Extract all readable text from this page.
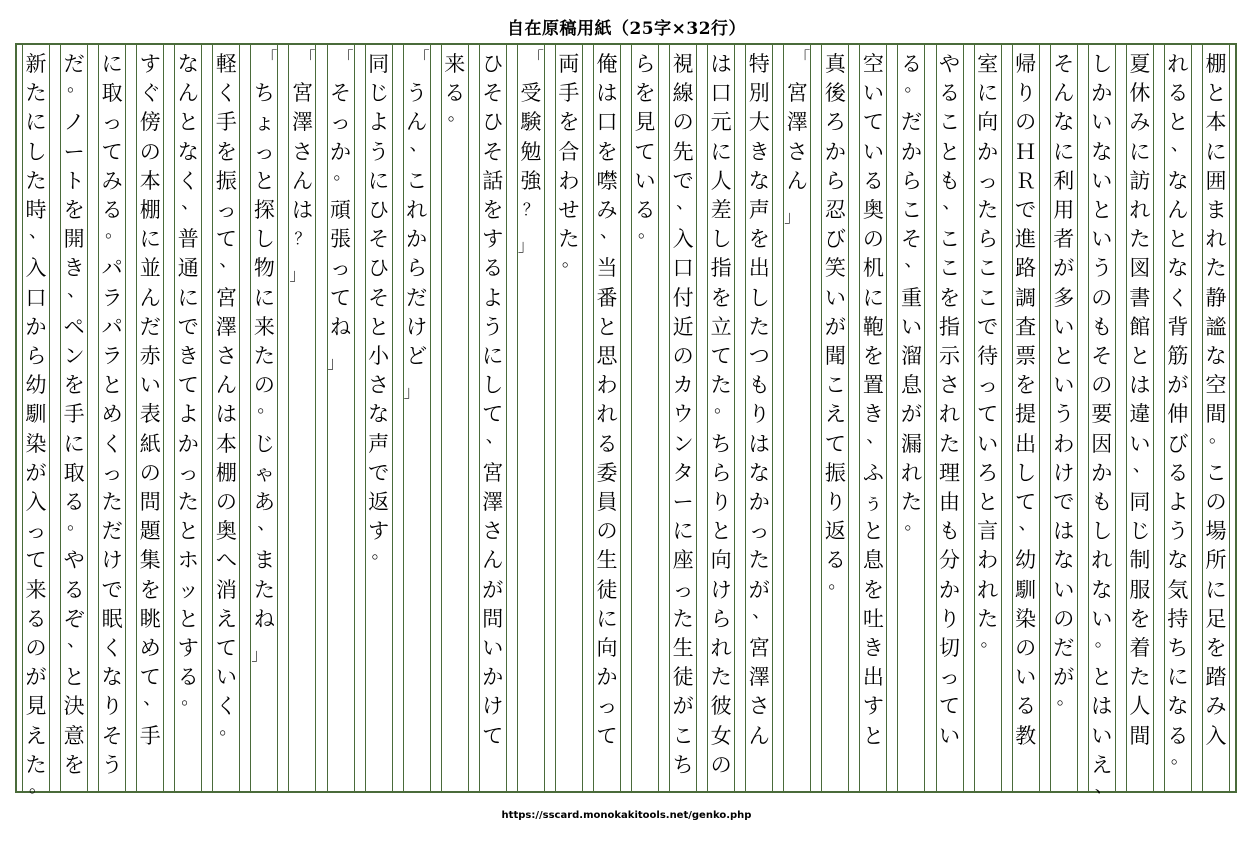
自在原稿用紙（25字×32行）
棚
と
本
に
囲
ま
れ
た
静
謐
な
空
間
。
こ
の
場
所
に
足
を
踏
み
入
れ
る
と
、
な
ん
と
な
く
背
筋
が
伸
び
る
よ
う
な
気
持
ち
に
な
る
。
夏
休
み
に
訪
れ
た
図
書
館
と
は
違
い
、
同
じ
制
服
を
着
た
人
間
し
か
い
な
い
と
い
う
の
も
そ
の
要
因
か
も
し
れ
な
い
。
と
は
い
え
、
そ
ん
な
に
利
用
者
が
多
い
と
い
う
わ
け
で
は
な
い
の
だ
が
。
帰
り
の
Ｈ
Ｒ
で
進
路
調
査
票
を
提
出
し
て
、
幼
馴
染
の
い
る
教
室
に
向
か
っ
た
ら
こ
こ
で
待
っ
て
い
ろ
と
言
わ
れ
た
。
や
る
こ
と
も
、
こ
こ
を
指
示
さ
れ
た
理
由
も
分
か
り
切
っ
て
い
る
。
だ
か
ら
こ
そ
、
重
い
溜
息
が
漏
れ
た
。
空
い
て
い
る
奥
の
机
に
鞄
を
置
き
、
ふ
ぅ
と
息
を
吐
き
出
す
と
真
後
ろ
か
ら
忍
び
笑
い
が
聞
こ
え
て
振
り
返
る
。
「
宮
澤
さ
ん
」
特
別
大
き
な
声
を
出
し
た
つ
も
り
は
な
か
っ
た
が
、
宮
澤
さ
ん
は
口
元
に
人
差
し
指
を
立
て
た
。
ち
ら
り
と
向
け
ら
れ
た
彼
女
の
視
線
の
先
で
、
入
口
付
近
の
カ
ウ
ン
タ
ー
に
座
っ
た
生
徒
が
こ
ち
ら
を
見
て
い
る
。
俺
は
口
を
噤
み
、
当
番
と
思
わ
れ
る
委
員
の
生
徒
に
向
か
っ
て
両
手
を
合
わ
せ
た
。
「
受
験
勉
強
？
」
ひ
そ
ひ
そ
話
を
す
る
よ
う
に
し
て
、
宮
澤
さ
ん
が
問
い
か
け
て
来
る
。
「
う
ん
、
こ
れ
か
ら
だ
け
ど
」
同
じ
よ
う
に
ひ
そ
ひ
そ
と
小
さ
な
声
で
返
す
。
「
そ
っ
か
。
頑
張
っ
て
ね
」
「
宮
澤
さ
ん
は
？
」
「
ち
ょ
っ
と
探
し
物
に
来
た
の
。
じ
ゃ
あ
、
ま
た
ね
」
軽
く
手
を
振
っ
て
、
宮
澤
さ
ん
は
本
棚
の
奥
へ
消
え
て
い
く
。
な
ん
と
な
く
、
普
通
に
で
き
て
よ
か
っ
た
と
ホ
ッ
と
す
る
。
す
ぐ
傍
の
本
棚
に
並
ん
だ
赤
い
表
紙
の
問
題
集
を
眺
め
て
、
手
に
取
っ
て
み
る
。
パ
ラ
パ
ラ
と
め
く
っ
た
だ
け
で
眠
く
な
り
そ
う
だ
。
ノ
ー
ト
を
開
き
、
ペ
ン
を
手
に
取
る
。
や
る
ぞ
、
と
決
意
を
新
た
に
し
た
時
、
入
口
か
ら
幼
馴
染
が
入
っ
て
来
る
の
が
見
え
た
。
https://sscard.monokakitools.net/genko.php
